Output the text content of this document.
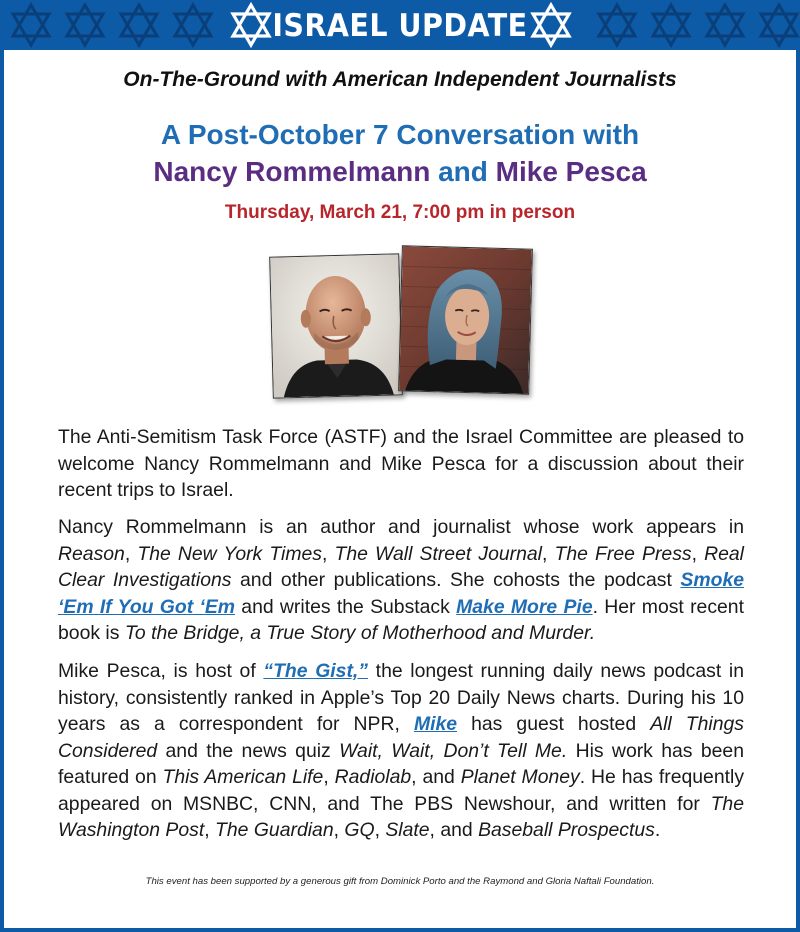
ISRAEL UPDATE
On-The-Ground with American Independent Journalists
A Post-October 7 Conversation with
Nancy Rommelmann and Mike Pesca
Thursday, March 21, 7:00 pm in person
The Anti-Semitism Task Force (ASTF) and the Israel Committee are pleased to welcome Nancy Rommelmann and Mike Pesca for a discussion about their recent trips to Israel.
Nancy Rommelmann is an author and journalist whose work appears in Reason, The New York Times, The Wall Street Journal, The Free Press, Real Clear Investigations and other publications. She cohosts the podcast Smoke ‘Em If You Got ‘Em and writes the Substack Make More Pie. Her most recent book is To the Bridge, a True Story of Motherhood and Murder.
Mike Pesca, is host of “The Gist,” the longest running daily news podcast in history, consistently ranked in Apple’s Top 20 Daily News charts. During his 10 years as a correspondent for NPR, Mike has guest hosted All Things Considered and the news quiz Wait, Wait, Don’t Tell Me. His work has been featured on This American Life, Radiolab, and Planet Money. He has frequently appeared on MSNBC, CNN, and The PBS Newshour, and written for The Washington Post, The Guardian, GQ, Slate, and Baseball Prospectus.
This event has been supported by a generous gift from Dominick Porto and the Raymond and Gloria Naftali Foundation.
